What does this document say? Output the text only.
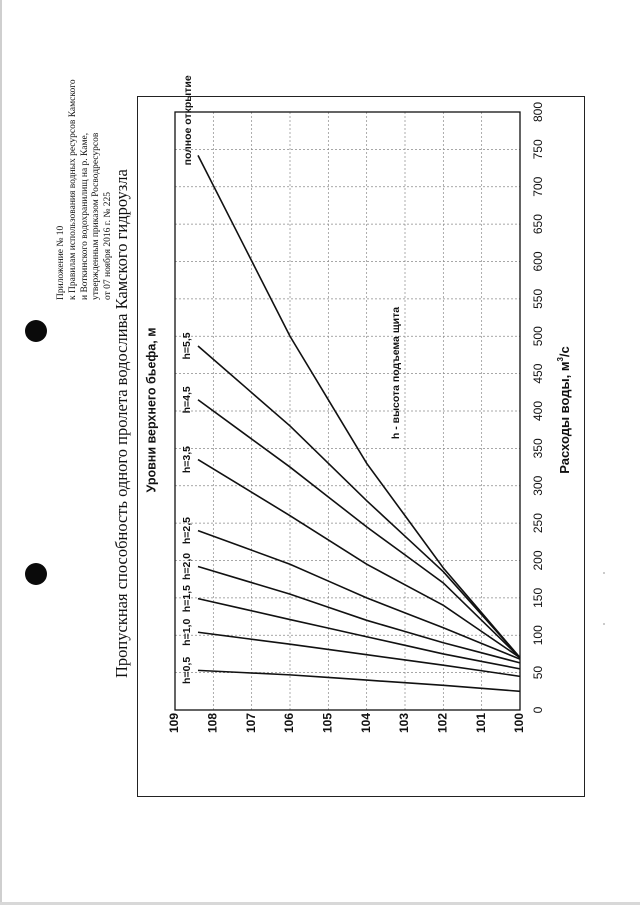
Приложение № 10 к Правилам использования водных ресурсов Камского и Воткинского водохранилищ на р. Каме, утвержденным приказом Росводресурсов от 07 ноября 2016 г. № 225 Пропускная способность одного пролета водослива Камского гидроузла
0
50
100
150
200
250
300
350
400
450
500
550
600
650
700
750
800
100
101
102
103
104
105
106
107
108
109
Уровни верхнего бьефа, м	Расходы воды, $м^3/с$
h=0,5
h=1,0
h=1,5
h=2,0
h=2,5
h=3,5
h=4,5
h=5,5
полное открытие
h - высота подъема щита
